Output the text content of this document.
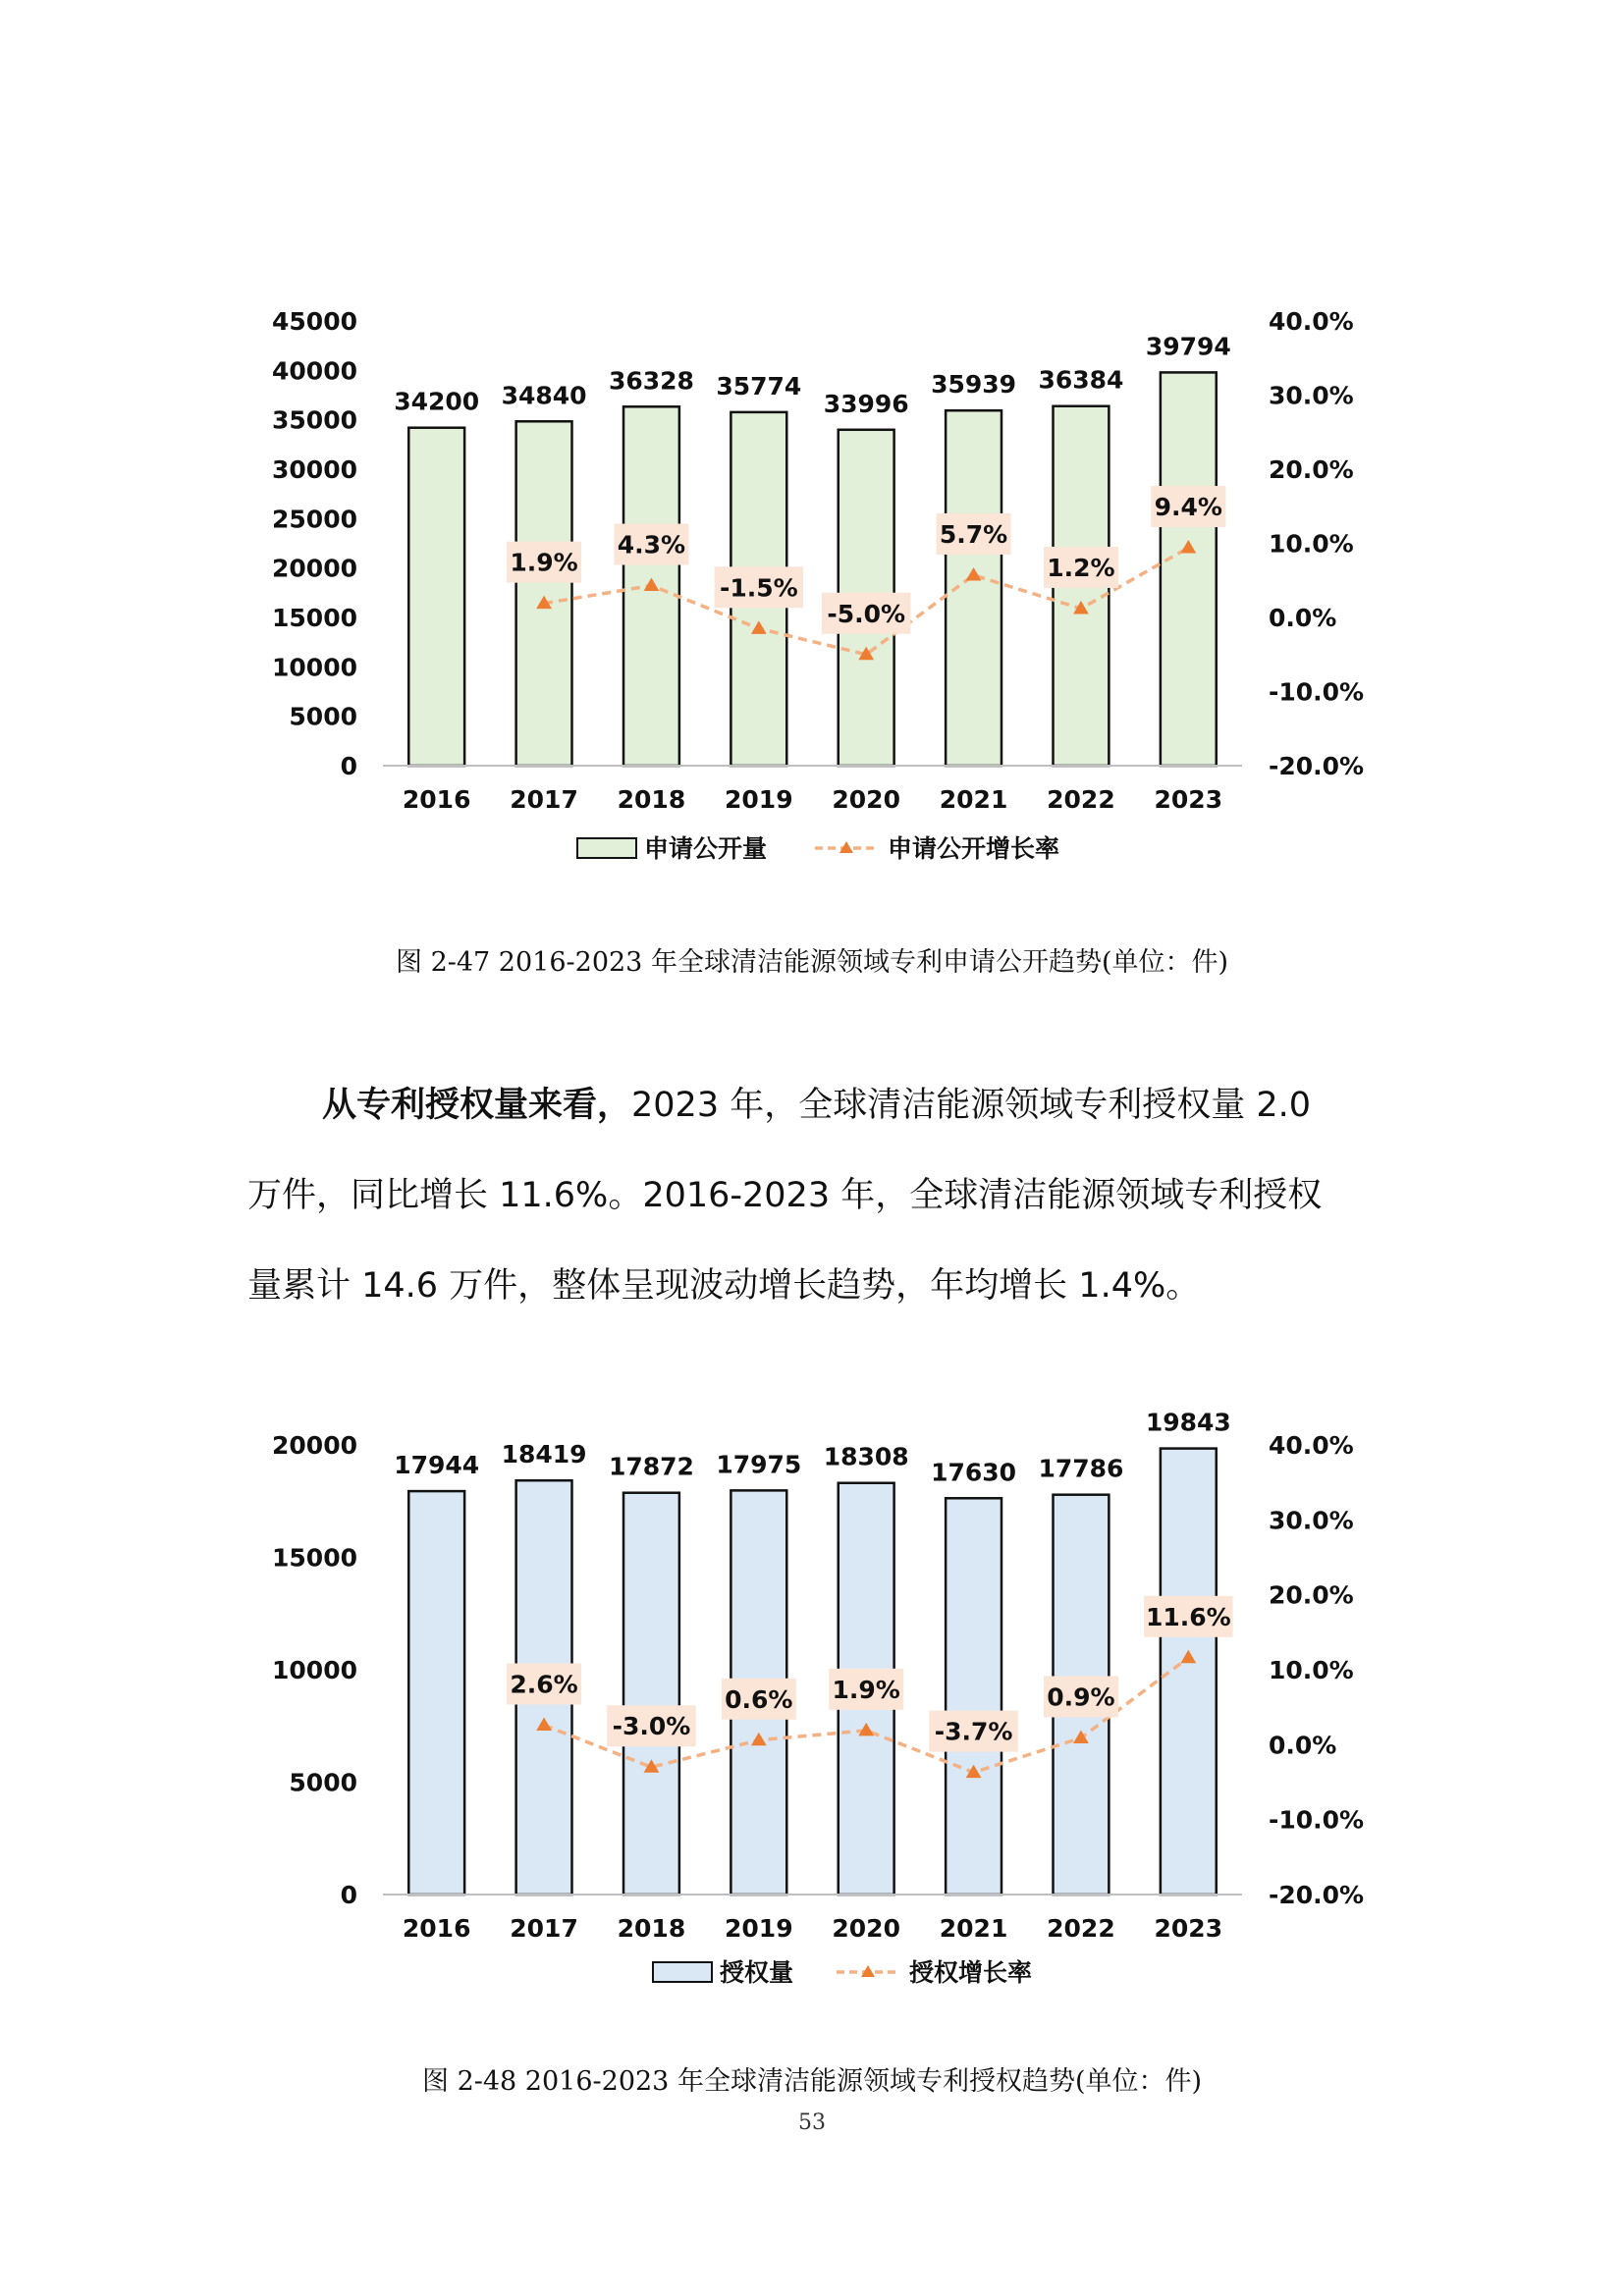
0
5000
10000
15000
20000
25000
30000
35000
40000
45000
-20.0%
-10.0%
0.0%
10.0%
20.0%
30.0%
40.0%
34200 34840
36328 35774
33996
35939 36384
39794
2016 2017 2018 2019 2020 2021 2022 2023
1.9%
4.3%
-1.5%
-5.0%
5.7%
1.2%
9.4%
申请公开量	申请公开增长率
图 2-47 2016-2023 年全球清洁能源领域专利申请公开趋势(单位：件)
从专利授权量来看，2023 年，全球清洁能源领域专利授权量 2.0
万件，同比增长 11.6%。2016-2023 年，全球清洁能源领域专利授权
量累计 14.6 万件，整体呈现波动增长趋势，年均增长 1.4%。
0
5000
10000
15000
20000
-20.0%
-10.0%
0.0%
10.0%
20.0%
30.0%
40.0%
17944 18419 17872 17975 18308
17630 17786
19843
2016 2017 2018 2019 2020 2021 2022 2023
2.6%
-3.0%
0.6% 1.9%
-3.7%
0.9%
11.6%
授权量	授权增长率
图 2-48 2016-2023 年全球清洁能源领域专利授权趋势(单位：件)
53
